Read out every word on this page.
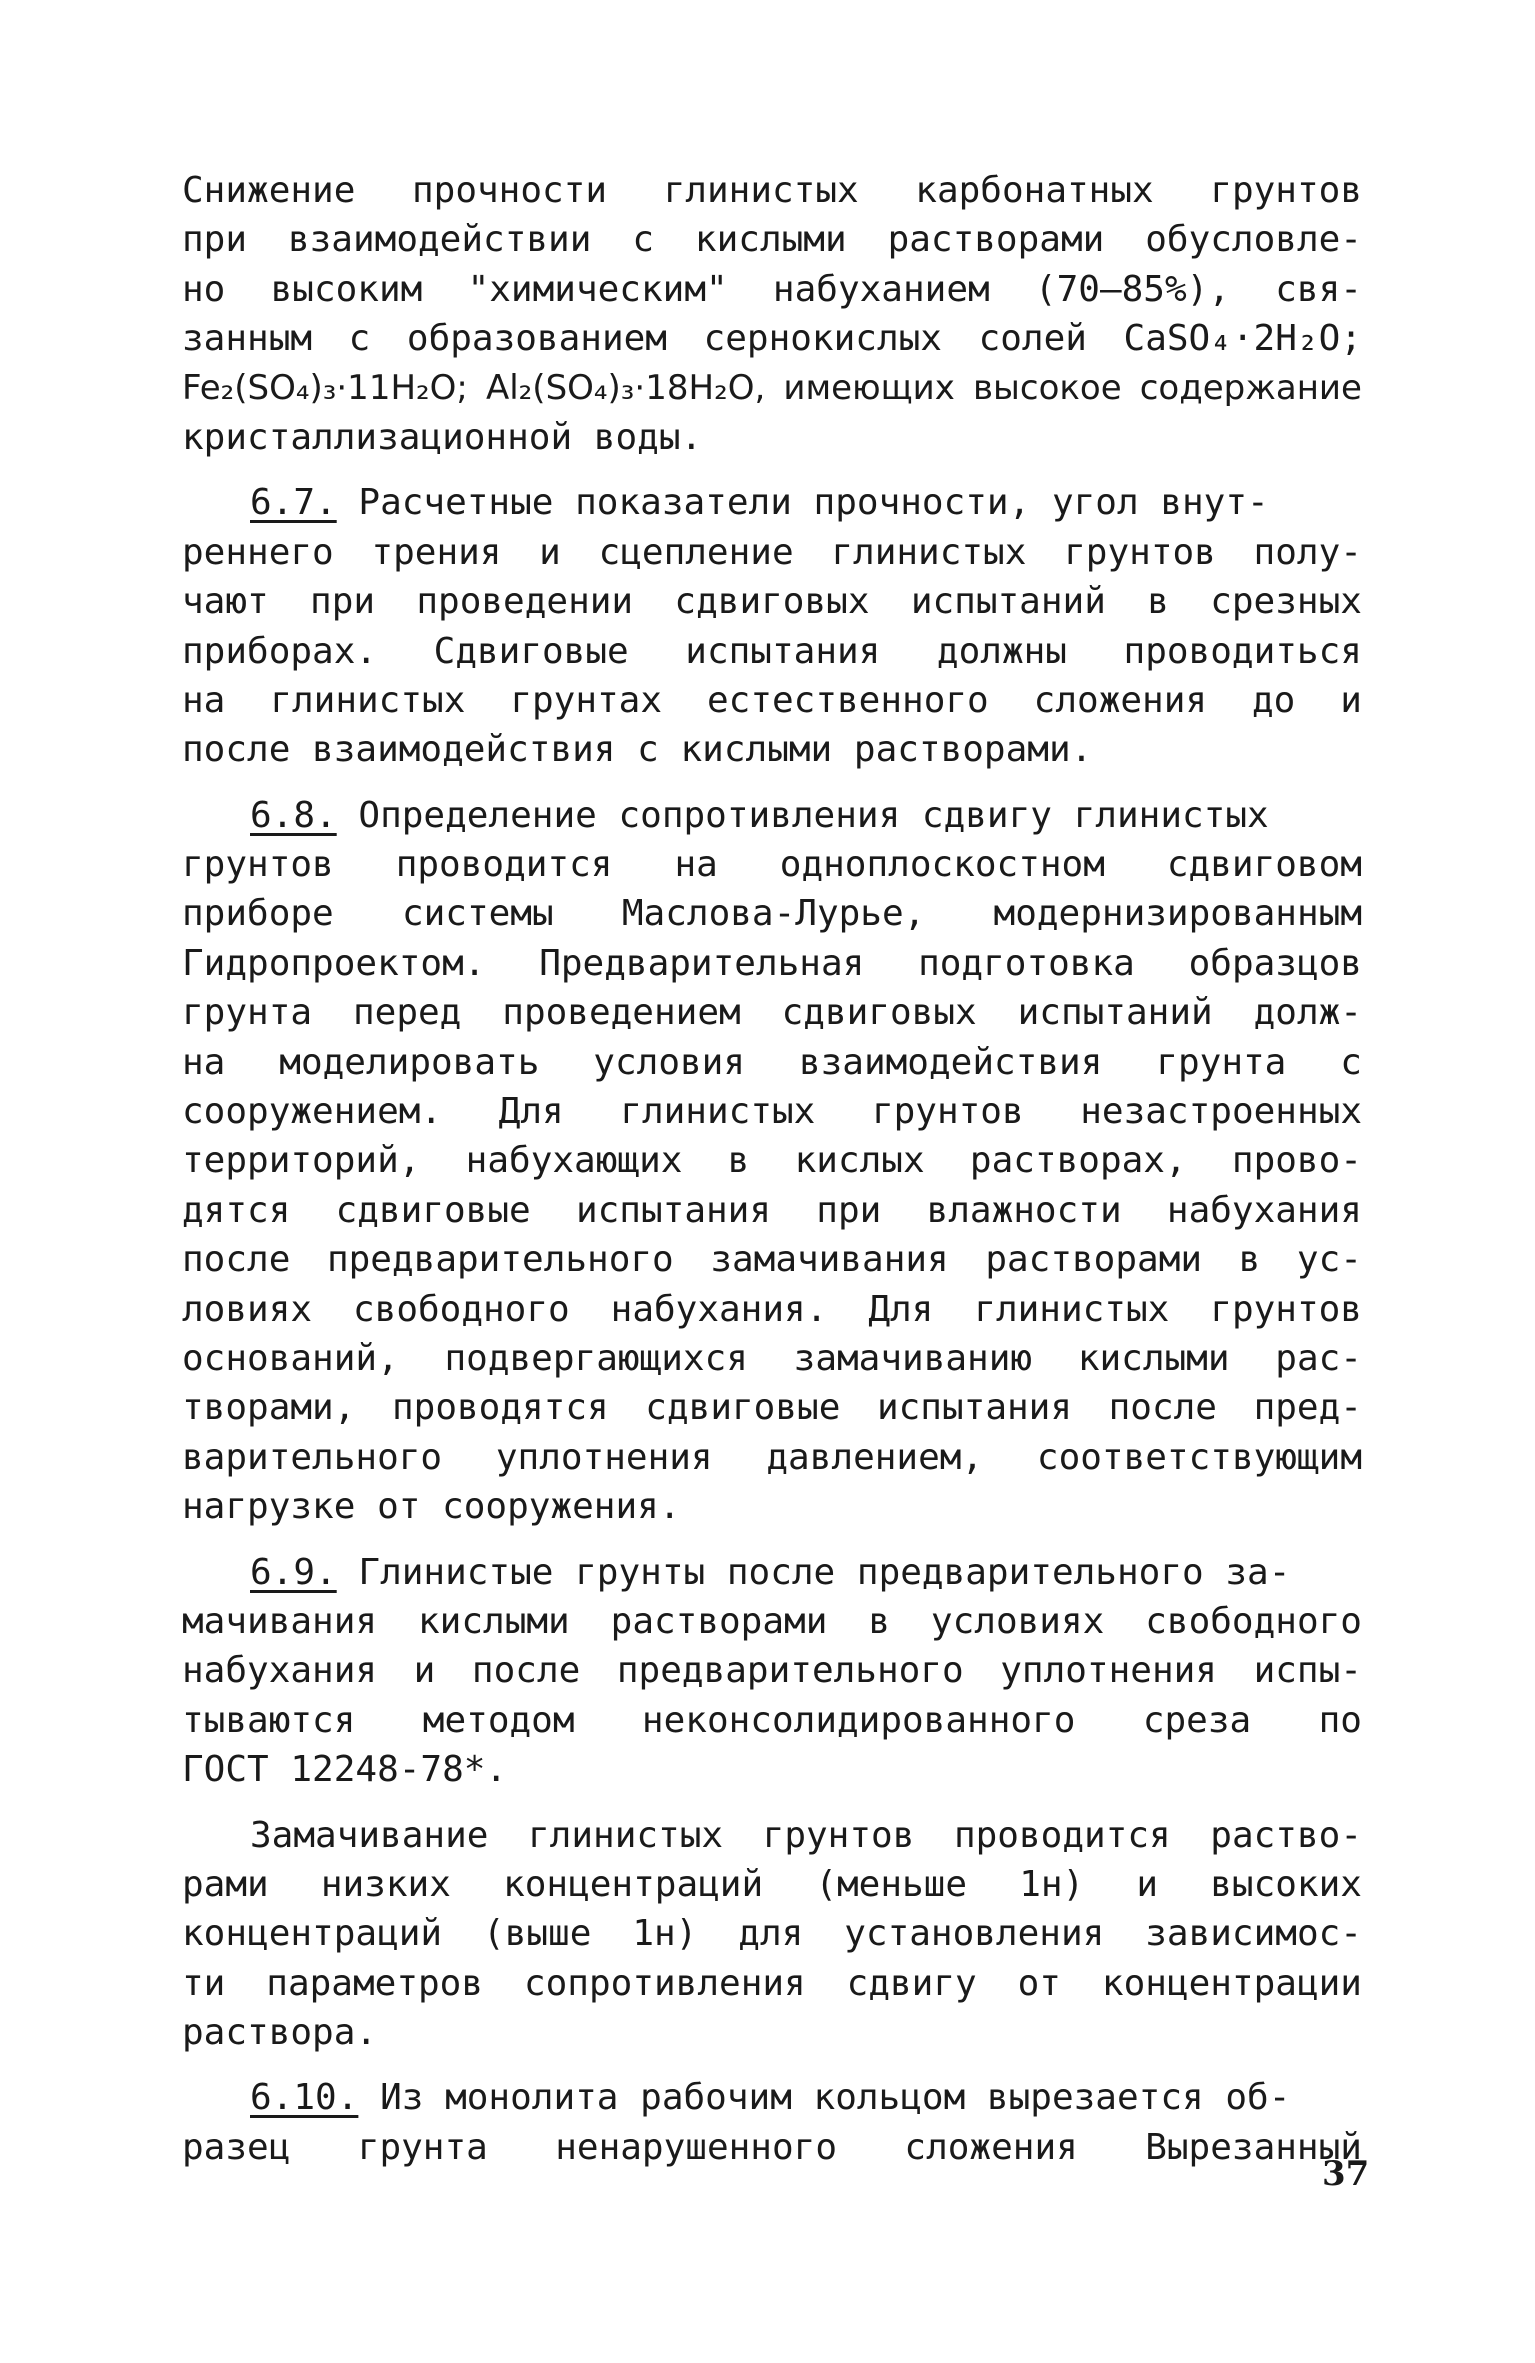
Снижение прочности глинистых карбонатных грунтов
при взаимодействии с кислыми растворами обусловле-
но высоким "химическим" набуханием (70–85%), свя-
занным с образованием сернокислых солей CaSO₄·2H₂O;
Fe₂(SO₄)₃·11H₂O; Al₂(SO₄)₃·18H₂O, имеющих высокое содержание
кристаллизационной воды.
6.7. Расчетные показатели прочности, угол внут-
реннего трения и сцепление глинистых грунтов полу-
чают при проведении сдвиговых испытаний в срезных
приборах. Сдвиговые испытания должны проводиться
на глинистых грунтах естественного сложения до и
после взаимодействия с кислыми растворами.
6.8. Определение сопротивления сдвигу глинистых
грунтов проводится на одноплоскостном сдвиговом
приборе системы Маслова-Лурье, модернизированным
Гидропроектом. Предварительная подготовка образцов
грунта перед проведением сдвиговых испытаний долж-
на моделировать условия взаимодействия грунта с
сооружением. Для глинистых грунтов незастроенных
территорий, набухающих в кислых растворах, прово-
дятся сдвиговые испытания при влажности набухания
после предварительного замачивания растворами в ус-
ловиях свободного набухания. Для глинистых грунтов
оснований, подвергающихся замачиванию кислыми рас-
творами, проводятся сдвиговые испытания после пред-
варительного уплотнения давлением, соответствующим
нагрузке от сооружения.
6.9. Глинистые грунты после предварительного за-
мачивания кислыми растворами в условиях свободного
набухания и после предварительного уплотнения испы-
тываются методом неконсолидированного среза по
ГОСТ 12248-78*.
Замачивание глинистых грунтов проводится раство-
рами низких концентраций (меньше 1н) и высоких
концентраций (выше 1н) для установления зависимос-
ти параметров сопротивления сдвигу от концентрации
раствора.
6.10. Из монолита рабочим кольцом вырезается об-
разец грунта ненарушенного сложения Вырезанный
37
